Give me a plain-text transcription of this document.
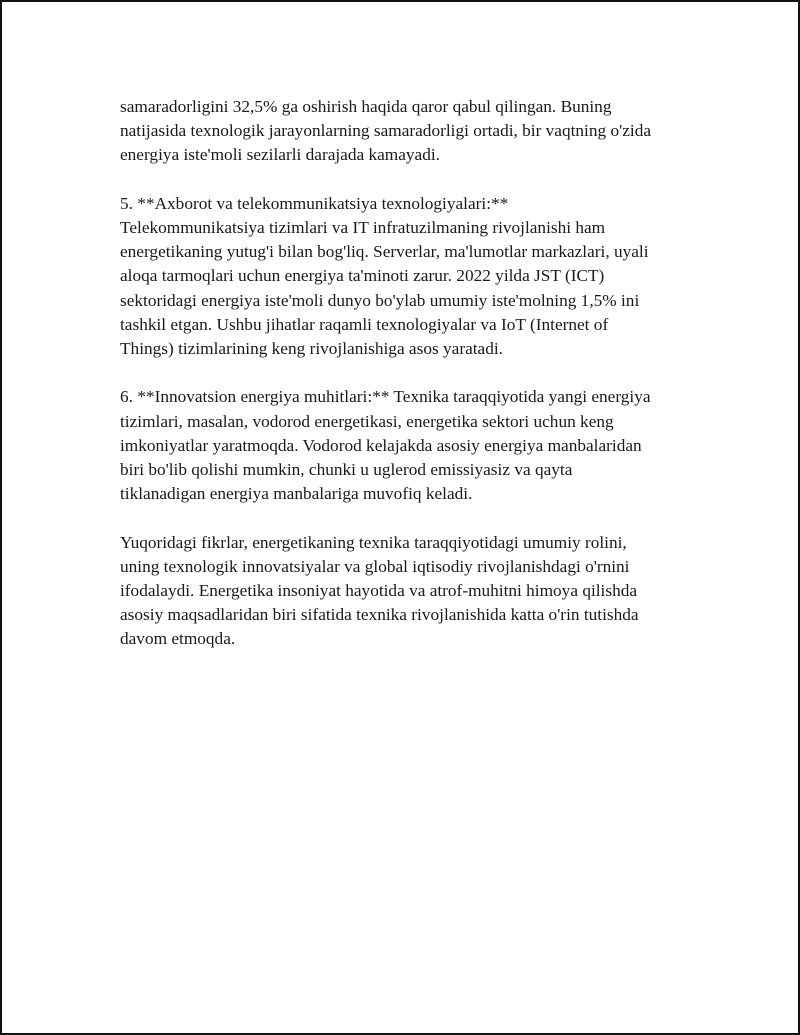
samaradorligini 32,5% ga oshirish haqida qaror qabul qilingan. Buning
natijasida texnologik jarayonlarning samaradorligi ortadi, bir vaqtning o'zida
energiya iste'moli sezilarli darajada kamayadi.

5. **Axborot va telekommunikatsiya texnologiyalari:**
Telekommunikatsiya tizimlari va IT infratuzilmaning rivojlanishi ham
energetikaning yutug'i bilan bog'liq. Serverlar, ma'lumotlar markazlari, uyali
aloqa tarmoqlari uchun energiya ta'minoti zarur. 2022 yilda JST (ICT)
sektoridagi energiya iste'moli dunyo bo'ylab umumiy iste'molning 1,5% ini
tashkil etgan. Ushbu jihatlar raqamli texnologiyalar va IoT (Internet of
Things) tizimlarining keng rivojlanishiga asos yaratadi.

6. **Innovatsion energiya muhitlari:** Texnika taraqqiyotida yangi energiya
tizimlari, masalan, vodorod energetikasi, energetika sektori uchun keng
imkoniyatlar yaratmoqda. Vodorod kelajakda asosiy energiya manbalaridan
biri bo'lib qolishi mumkin, chunki u uglerod emissiyasiz va qayta
tiklanadigan energiya manbalariga muvofiq keladi.

Yuqoridagi fikrlar, energetikaning texnika taraqqiyotidagi umumiy rolini,
uning texnologik innovatsiyalar va global iqtisodiy rivojlanishdagi o'rnini
ifodalaydi. Energetika insoniyat hayotida va atrof-muhitni himoya qilishda
asosiy maqsadlaridan biri sifatida texnika rivojlanishida katta o'rin tutishda
davom etmoqda.
